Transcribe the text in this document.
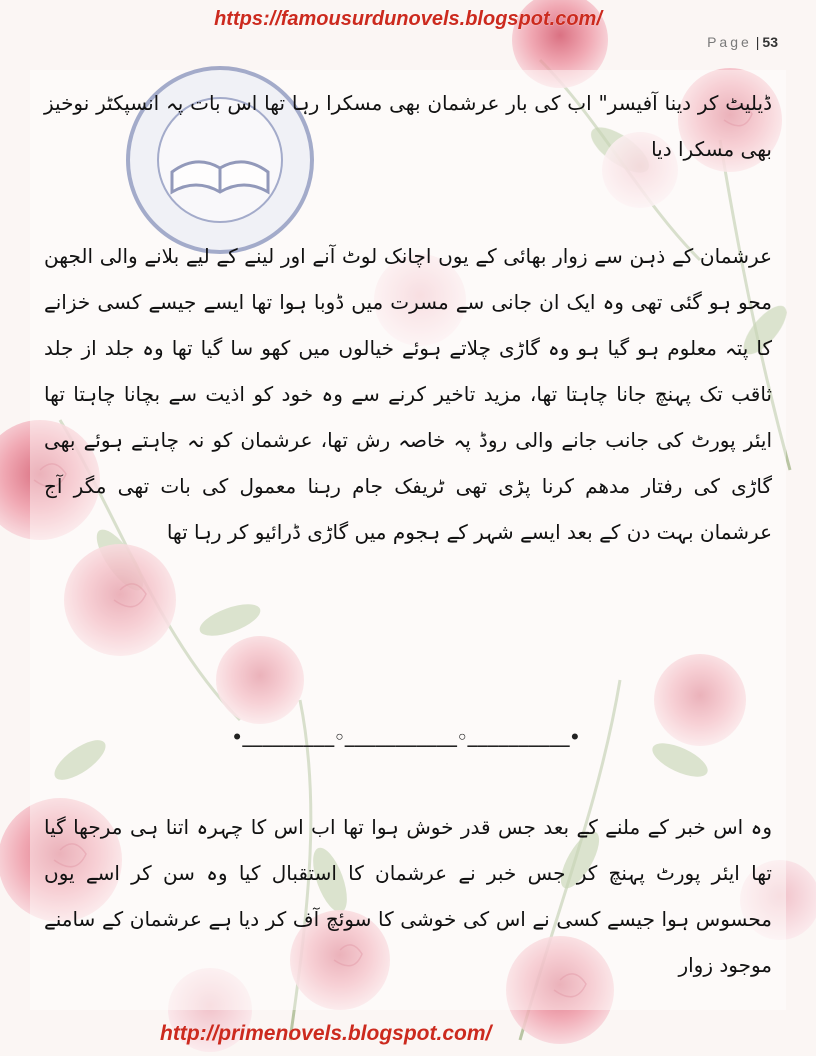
https://famousurdunovels.blogspot.com/
Page | 53
ڈیلیٹ کر دینا آفیسر" اب کی بار عرشمان بھی مسکرا رہا تھا اس بات پہ انسپکٹر نوخیز بھی مسکرا دیا
عرشمان کے ذہن سے زوار بھائی کے یوں اچانک لوٹ آنے اور لینے کے لیے بلانے والی الجھن محو ہو گئی تھی وہ ایک ان جانی سے مسرت میں ڈوبا ہوا تھا ایسے جیسے کسی خزانے کا پتہ معلوم ہو گیا ہو وہ گاڑی چلاتے ہوئے خیالوں میں کھو سا گیا تھا وہ جلد از جلد ثاقب تک پہنچ جانا چاہتا تھا، مزید تاخیر کرنے سے وہ خود کو اذیت سے بچانا چاہتا تھا ایئر پورٹ کی جانب جانے والی روڈ پہ خاصہ رش تھا، عرشمان کو نہ چاہتے ہوئے بھی گاڑی کی رفتار مدھم کرنا پڑی تھی ٹریفک جام رہنا معمول کی بات تھی مگر آج عرشمان بہت دن کے بعد ایسے شہر کے ہجوم میں گاڑی ڈرائیو کر رہا تھا
•_________◦___________◦__________•
وہ اس خبر کے ملنے کے بعد جس قدر خوش ہوا تھا اب اس کا چہرہ اتنا ہی مرجھا گیا تھا ایئر پورٹ پہنچ کر جس خبر نے عرشمان کا استقبال کیا وہ سن کر اسے یوں محسوس ہوا جیسے کسی نے اس کی خوشی کا سوئچ آف کر دیا ہے عرشمان کے سامنے موجود زوار
http://primenovels.blogspot.com/
